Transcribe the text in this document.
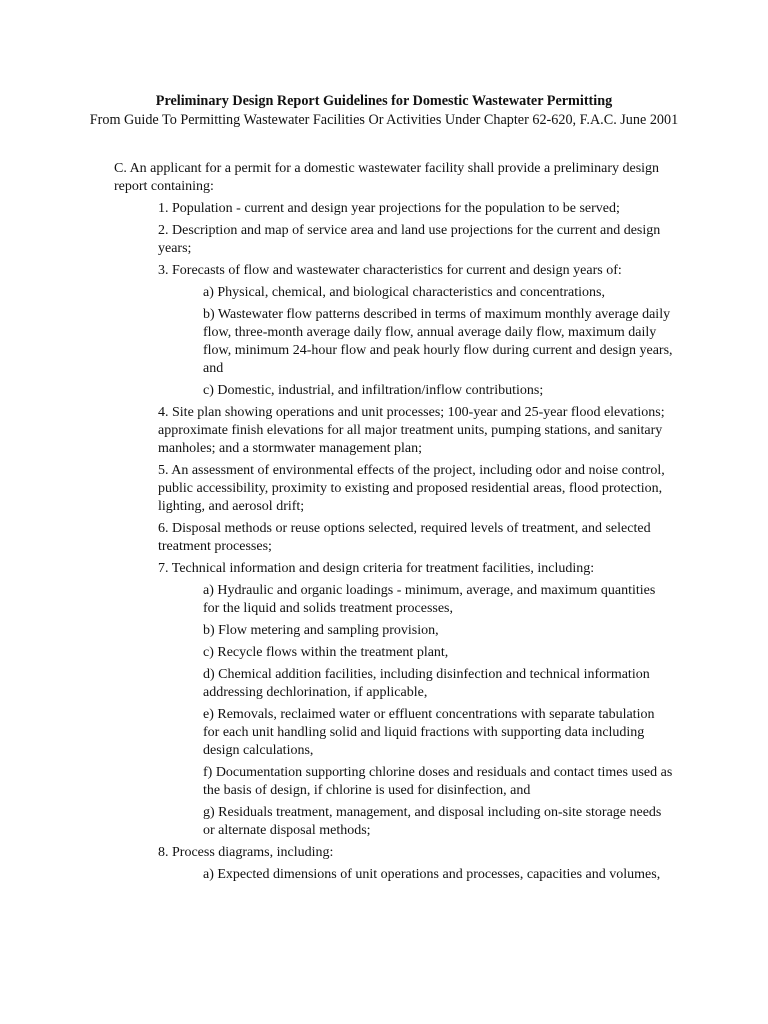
Preliminary Design Report Guidelines for Domestic Wastewater Permitting
From Guide To Permitting Wastewater Facilities Or Activities Under Chapter 62-620, F.A.C. June 2001

C. An applicant for a permit for a domestic wastewater facility shall provide a preliminary design report containing:

1. Population - current and design year projections for the population to be served;

2. Description and map of service area and land use projections for the current and design years;

3. Forecasts of flow and wastewater characteristics for current and design years of:

a) Physical, chemical, and biological characteristics and concentrations,

b) Wastewater flow patterns described in terms of maximum monthly average daily flow, three-month average daily flow, annual average daily flow, maximum daily flow, minimum 24-hour flow and peak hourly flow during current and design years, and

c) Domestic, industrial, and infiltration/inflow contributions;

4. Site plan showing operations and unit processes; 100-year and 25-year flood elevations; approximate finish elevations for all major treatment units, pumping stations, and sanitary manholes; and a stormwater management plan;

5. An assessment of environmental effects of the project, including odor and noise control, public accessibility, proximity to existing and proposed residential areas, flood protection, lighting, and aerosol drift;

6. Disposal methods or reuse options selected, required levels of treatment, and selected treatment processes;

7. Technical information and design criteria for treatment facilities, including:

a) Hydraulic and organic loadings - minimum, average, and maximum quantities for the liquid and solids treatment processes,

b) Flow metering and sampling provision,

c) Recycle flows within the treatment plant,

d) Chemical addition facilities, including disinfection and technical information addressing dechlorination, if applicable,

e) Removals, reclaimed water or effluent concentrations with separate tabulation for each unit handling solid and liquid fractions with supporting data including design calculations,

f) Documentation supporting chlorine doses and residuals and contact times used as the basis of design, if chlorine is used for disinfection, and

g) Residuals treatment, management, and disposal including on-site storage needs or alternate disposal methods;

8. Process diagrams, including:

a) Expected dimensions of unit operations and processes, capacities and volumes,
